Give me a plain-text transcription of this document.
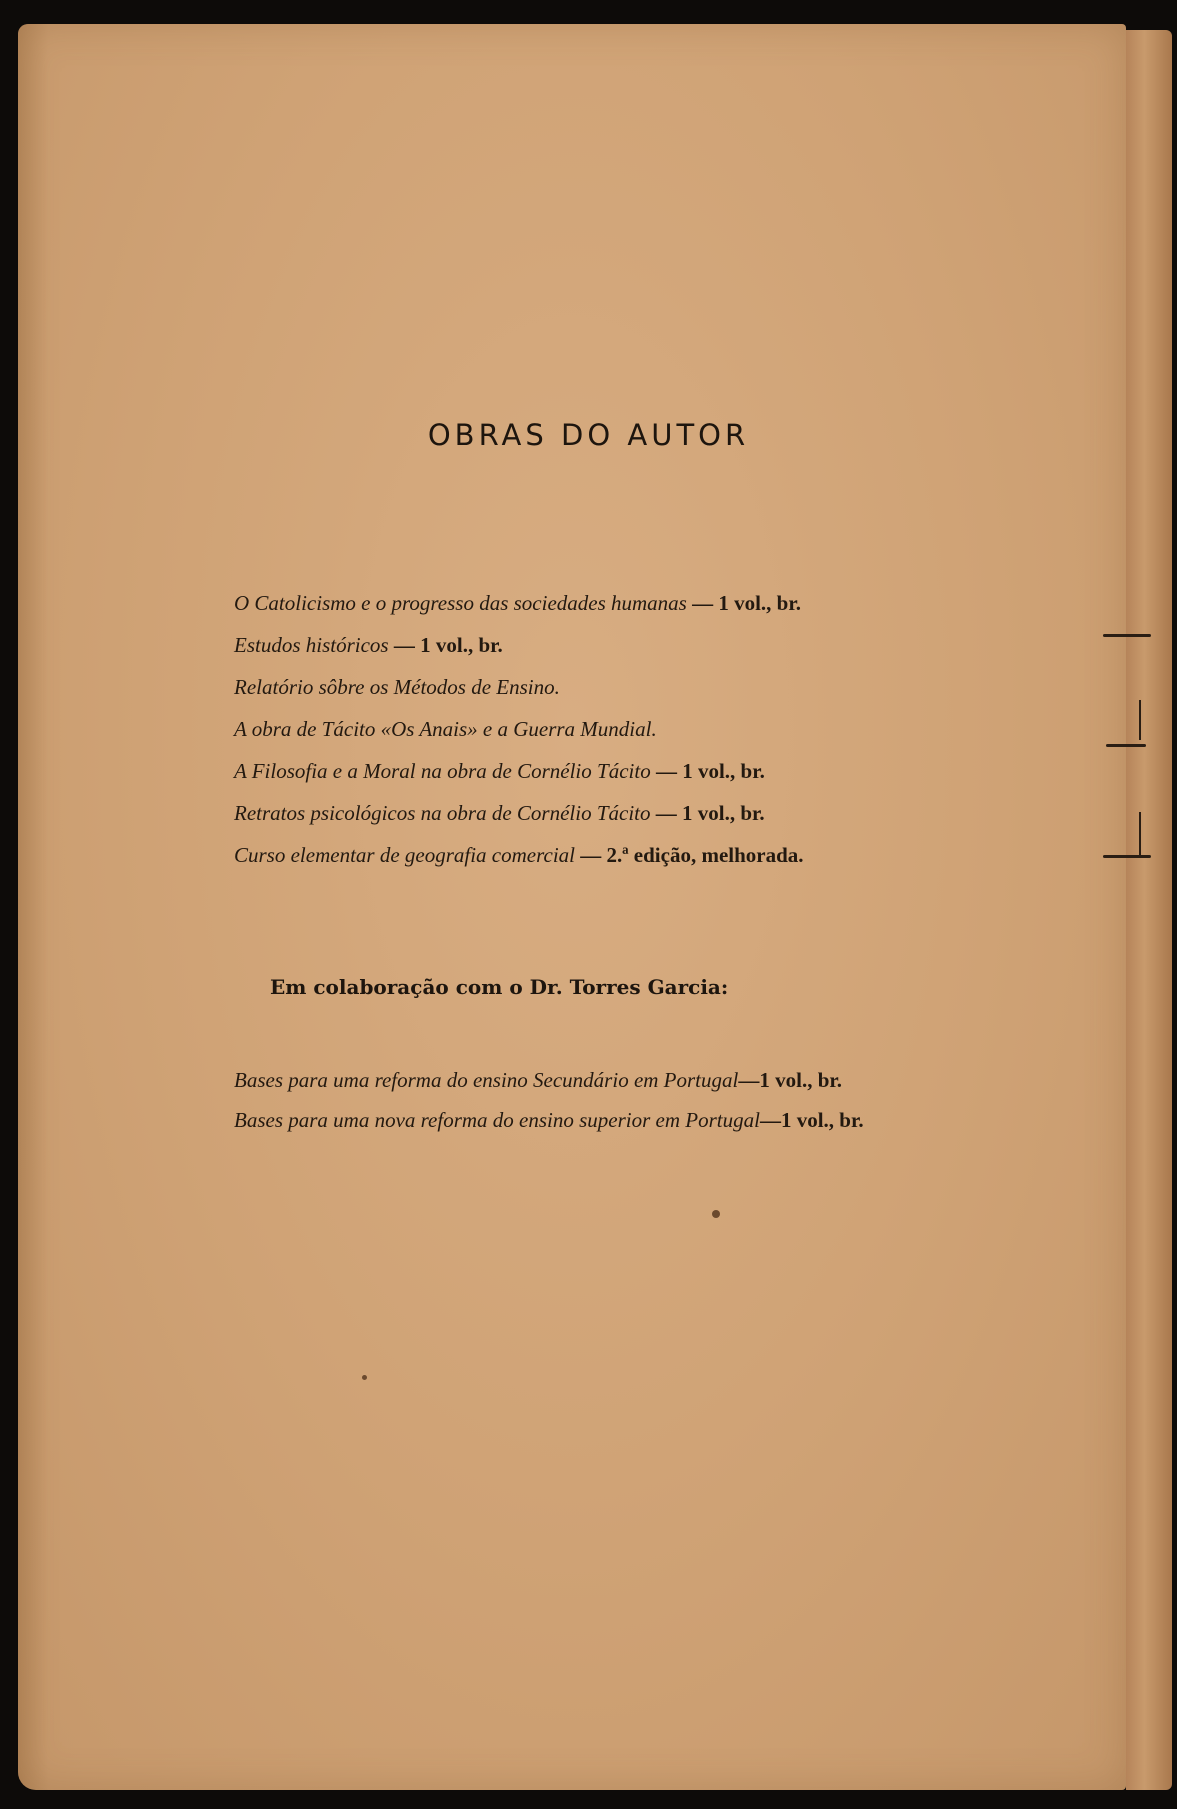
OBRAS DO AUTOR
O Catolicismo e o progresso das sociedades humanas — 1 vol., br.
Estudos históricos — 1 vol., br.
Relatório sôbre os Métodos de Ensino.
A obra de Tácito «Os Anais» e a Guerra Mundial.
A Filosofia e a Moral na obra de Cornélio Tácito — 1 vol., br.
Retratos psicológicos na obra de Cornélio Tácito — 1 vol., br.
Curso elementar de geografia comercial — 2.ª edição, melhorada.
Em colaboração com o Dr. Torres Garcia:
Bases para uma reforma do ensino Secundário em Portugal—1 vol., br.
Bases para uma nova reforma do ensino superior em Portugal—1 vol., br.
